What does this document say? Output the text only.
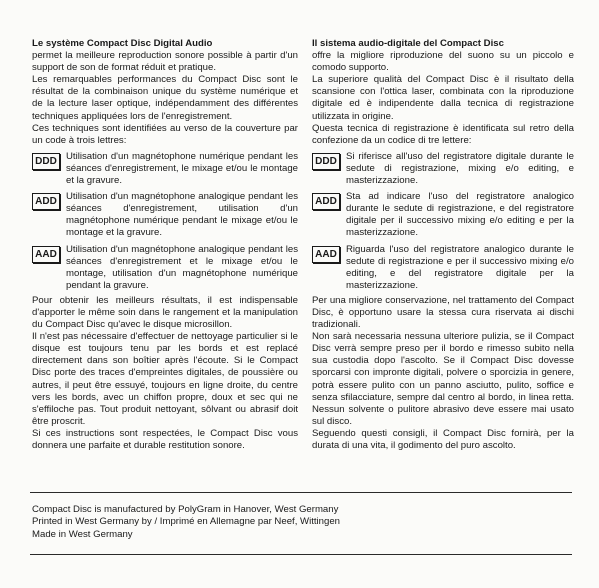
Le système Compact Disc Digital Audio

permet la meilleure reproduction sonore possible à partir d'un support de son de format réduit et pratique.

Les remarquables performances du Compact Disc sont le résultat de la combinaison unique du système numérique et de la lecture laser optique, indépendamment des différentes techniques appliquées lors de l'enregistrement.

Ces techniques sont identifiées au verso de la couverture par un code à trois lettres:

DDD Utilisation d'un magnétophone numérique pendant les séances d'enregistrement, le mixage et/ou le montage et la gravure.
ADD Utilisation d'un magnétophone analogique pendant les séances d'enregistrement, utilisation d'un magnétophone numérique pendant le mixage et/ou le montage et la gravure.
AAD Utilisation d'un magnétophone analogique pendant les séances d'enregistrement et le mixage et/ou le montage, utilisation d'un magnétophone numérique pendant la gravure.

Pour obtenir les meilleurs résultats, il est indispensable d'apporter le même soin dans le rangement et la manipulation du Compact Disc qu'avec le disque microsillon.

Il n'est pas nécessaire d'effectuer de nettoyage particulier si le disque est toujours tenu par les bords et est replacé directement dans son boîtier après l'écoute. Si le Compact Disc porte des traces d'empreintes digitales, de poussière ou autres, il peut être essuyé, toujours en ligne droite, du centre vers les bords, avec un chiffon propre, doux et sec qui ne s'effiloche pas. Tout produit nettoyant, sôlvant ou abrasif doit être proscrit.

Si ces instructions sont respectées, le Compact Disc vous donnera une parfaite et durable restitution sonore.

Il sistema audio-digitale del Compact Disc

offre la migliore riproduzione del suono su un piccolo e comodo supporto.

La superiore qualità del Compact Disc è il risultato della scansione con l'ottica laser, combinata con la riproduzione digitale ed è indipendente dalla tecnica di registrazione utilizzata in origine.

Questa tecnica di registrazione è identificata sul retro della confezione da un codice di tre lettere:

DDD Si riferisce all'uso del registratore digitale durante le sedute di registrazione, mixing e/o editing, e masterizzazione.
ADD Sta ad indicare l'uso del registratore analogico durante le sedute di registrazione, e del registratore digitale per il successivo mixing e/o editing e per la masterizzazione.
AAD Riguarda l'uso del registratore analogico durante le sedute di registrazione e per il successivo mixing e/o editing, e del registratore digitale per la masterizzazione.

Per una migliore conservazione, nel trattamento del Compact Disc, è opportuno usare la stessa cura riservata ai dischi tradizionali.

Non sarà necessaria nessuna ulteriore pulizia, se il Compact Disc verrà sempre preso per il bordo e rimesso subito nella sua custodia dopo l'ascolto. Se il Compact Disc dovesse sporcarsi con impronte digitali, polvere o sporcizia in genere, potrà essere pulito con un panno asciutto, pulito, soffice e senza sfilacciature, sempre dal centro al bordo, in linea retta. Nessun solvente o pulitore abrasivo deve essere mai usato sul disco.

Seguendo questi consigli, il Compact Disc fornirà, per la durata di una vita, il godimento del puro ascolto.

Compact Disc is manufactured by PolyGram in Hanover, West Germany
Printed in West Germany by / Imprimé en Allemagne par Neef, Wittingen
Made in West Germany
